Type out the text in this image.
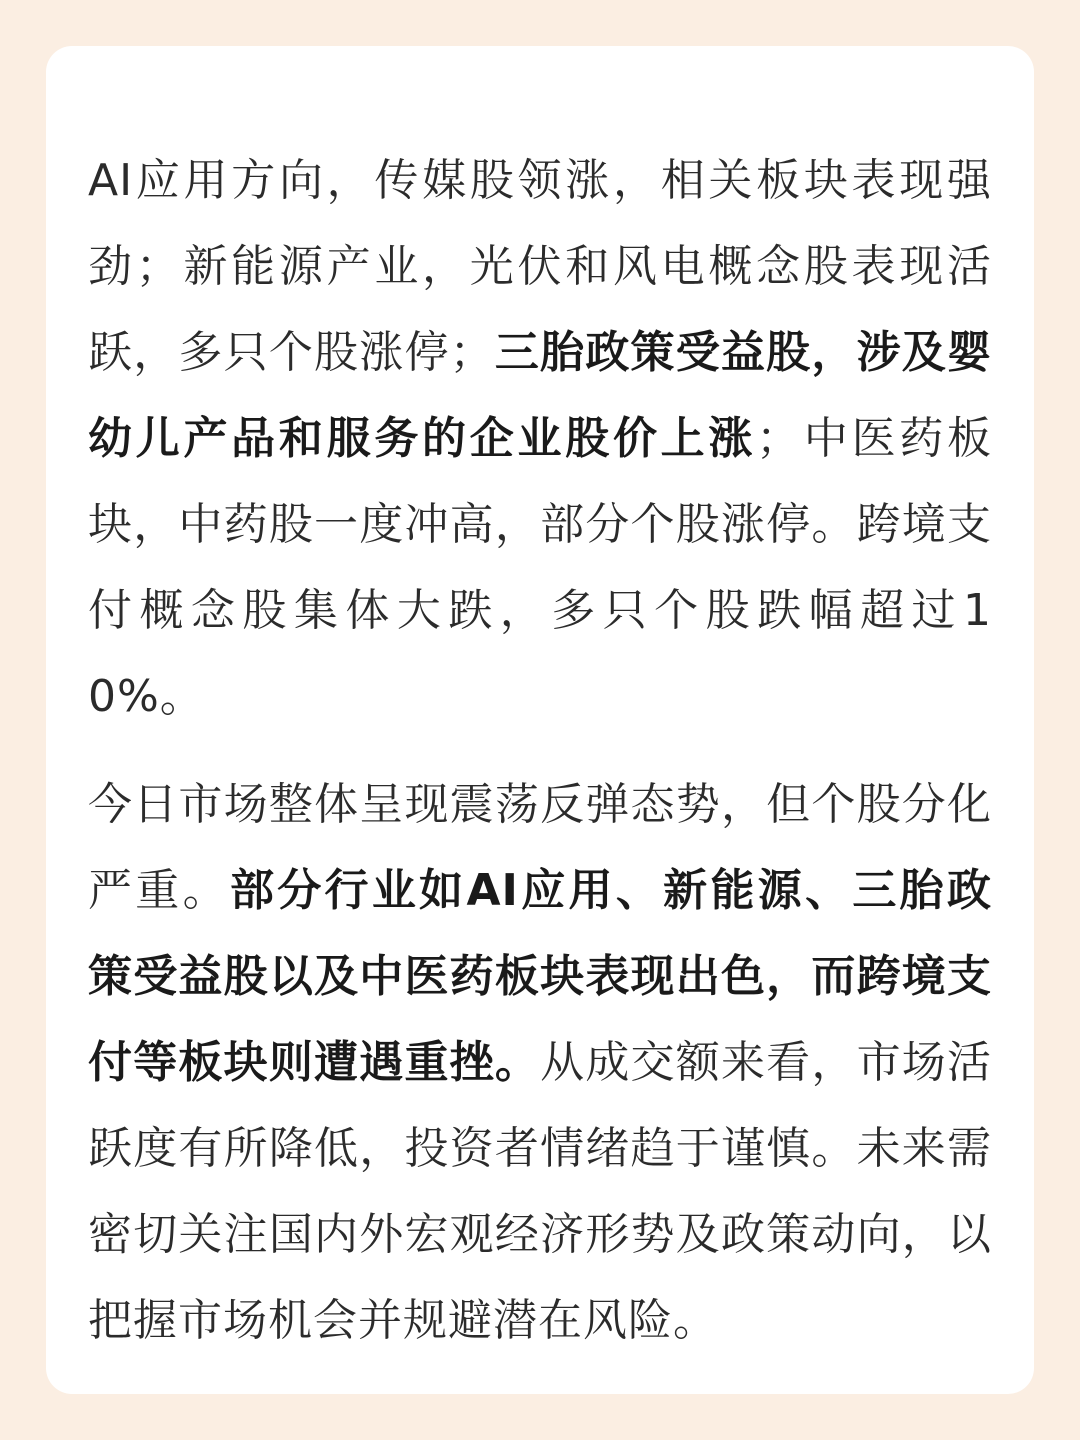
AI应用方向，传媒股领涨，相关板块表现强劲；新能源产业，光伏和风电概念股表现活跃，多只个股涨停；三胎政策受益股，涉及婴幼儿产品和服务的企业股价上涨；中医药板块，中药股一度冲高，部分个股涨停。跨境支付概念股集体大跌，多只个股跌幅超过10%。

今日市场整体呈现震荡反弹态势，但个股分化严重。部分行业如AI应用、新能源、三胎政策受益股以及中医药板块表现出色，而跨境支付等板块则遭遇重挫。从成交额来看，市场活跃度有所降低，投资者情绪趋于谨慎。未来需密切关注国内外宏观经济形势及政策动向，以把握市场机会并规避潜在风险。
